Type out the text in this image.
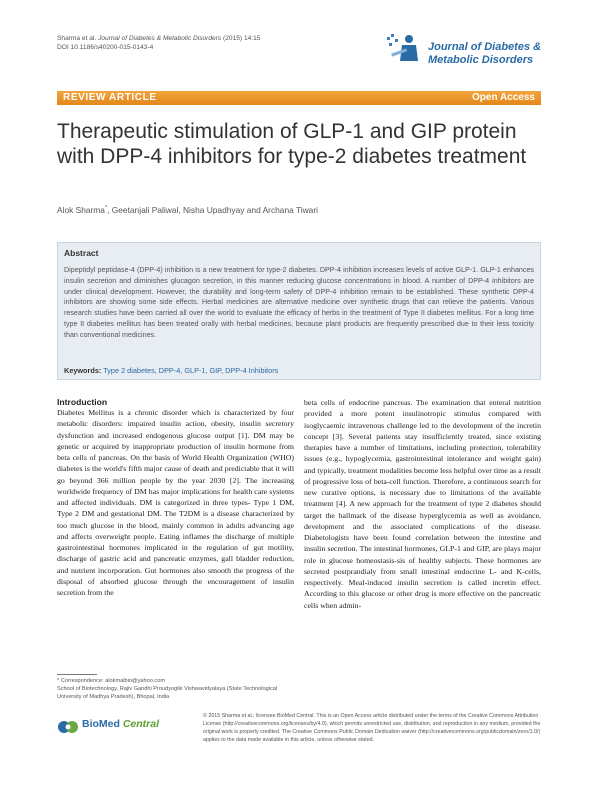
Sharma et al. Journal of Diabetes & Metabolic Disorders (2015) 14:15
DOI 10.1186/s40200-015-0143-4	Journal of Diabetes &
Metabolic Disorders
REVIEW ARTICLE	Open Access
Therapeutic stimulation of GLP-1 and GIP protein with DPP-4 inhibitors for type-2 diabetes treatment
Alok Sharma*, Geetanjali Paliwal, Nisha Upadhyay and Archana Tiwari
Abstract
Dipeptidyl peptidase-4 (DPP-4) inhibition is a new treatment for type-2 diabetes. DPP-4 inhibition increases levels of active GLP-1. GLP-1 enhances insulin secretion and diminishes glucagon secretion, in this manner reducing glucose concentrations in blood. A number of DPP-4 inhibitors are under clinical development. However, the durability and long-term safety of DPP-4 inhibition remain to be established. These synthetic DPP-4 inhibitors are showing some side effects. Herbal medicines are alternative medicine over synthetic drugs that can relieve the patients. Various research studies have been carried all over the world to evaluate the efficacy of herbs in the treatment of Type II diabetes mellitus. For a long time type II diabetes mellitus has been treated orally with herbal medicines, because plant products are frequently prescribed due to their less toxicity than conventional medicines.
Keywords: Type 2 diabetes, DPP-4, GLP-1, GIP, DPP-4 Inhibitors
Introduction
Diabetes Mellitus is a chronic disorder which is characterized by four metabolic disorders: impaired insulin action, obesity, insulin secretory dysfunction and increased endogenous glucose output [1]. DM may be genetic or acquired by inappropriate production of insulin hormone from beta cells of pancreas. On the basis of World Health Organization (WHO) diabetes is the world's fifth major cause of death and predictable that it will go beyond 366 million people by the year 2030 [2]. The increasing worldwide frequency of DM has major implications for health care systems and affected individuals. DM is categorized in three types- Type 1 DM, Type 2 DM and gestational DM. The T2DM is a disease characterized by too much glucose in the blood, mainly common in adults advancing age and affects overweight people. Eating inflames the discharge of multiple gastrointestinal hormones implicated in the regulation of gut motility, discharge of gastric acid and pancreatic enzymes, gall bladder reduction, and nutrient incorporation. Gut hormones also smooth the progress of the disposal of absorbed glucose through the encouragement of insulin secretion from the
beta cells of endocrine pancreas. The examination that enteral nutrition provided a more potent insulinotropic stimulus compared with isoglycaemic intravenous challenge led to the development of the incretin concept [3]. Several patients stay insufficiently treated, since existing therapies have a number of limitations, including protection, tolerability issues (e.g., hypoglycemia, gastrointestinal intolerance and weight gain) and typically, treatment modalities become less helpful over time as a result of progressive loss of beta-cell function. Therefore, a continuous search for new curative options, is necessary due to limitations of the available treatment [4]. A new approach for the treatment of type 2 diabetes should target the hallmark of the disease hyperglycemia as well as avoidance, development and the associated complications of the disease. Diabetologists have been found correlation between the intestine and insulin secretion. The intestinal hormones, GLP-1 and GIP, are plays major role in glucose homeostasis-sis of healthy subjects. These hormones are secreted postprandialy from small intestinal endocrine L- and K-cells, respectively. Meal-induced insulin secretion is called incretin effect. According to this glucose or other drug is more effective on the pancreatic cells when admin-
* Correspondence: alokmalbio@yahoo.com
School of Biotechnology, Rajiv Gandhi Proudyogiki Vishwavidyalaya (State Technological University of Madhya Pradesh), Bhopal, India
BioMed Central
© 2015 Sharma et al.; licensee BioMed Central. This is an Open Access article distributed under the terms of the Creative Commons Attribution License (http://creativecommons.org/licenses/by/4.0), which permits unrestricted use, distribution, and reproduction in any medium, provided the original work is properly credited. The Creative Commons Public Domain Dedication waiver (http://creativecommons.org/publicdomain/zero/1.0/) applies to the data made available in this article, unless otherwise stated.
